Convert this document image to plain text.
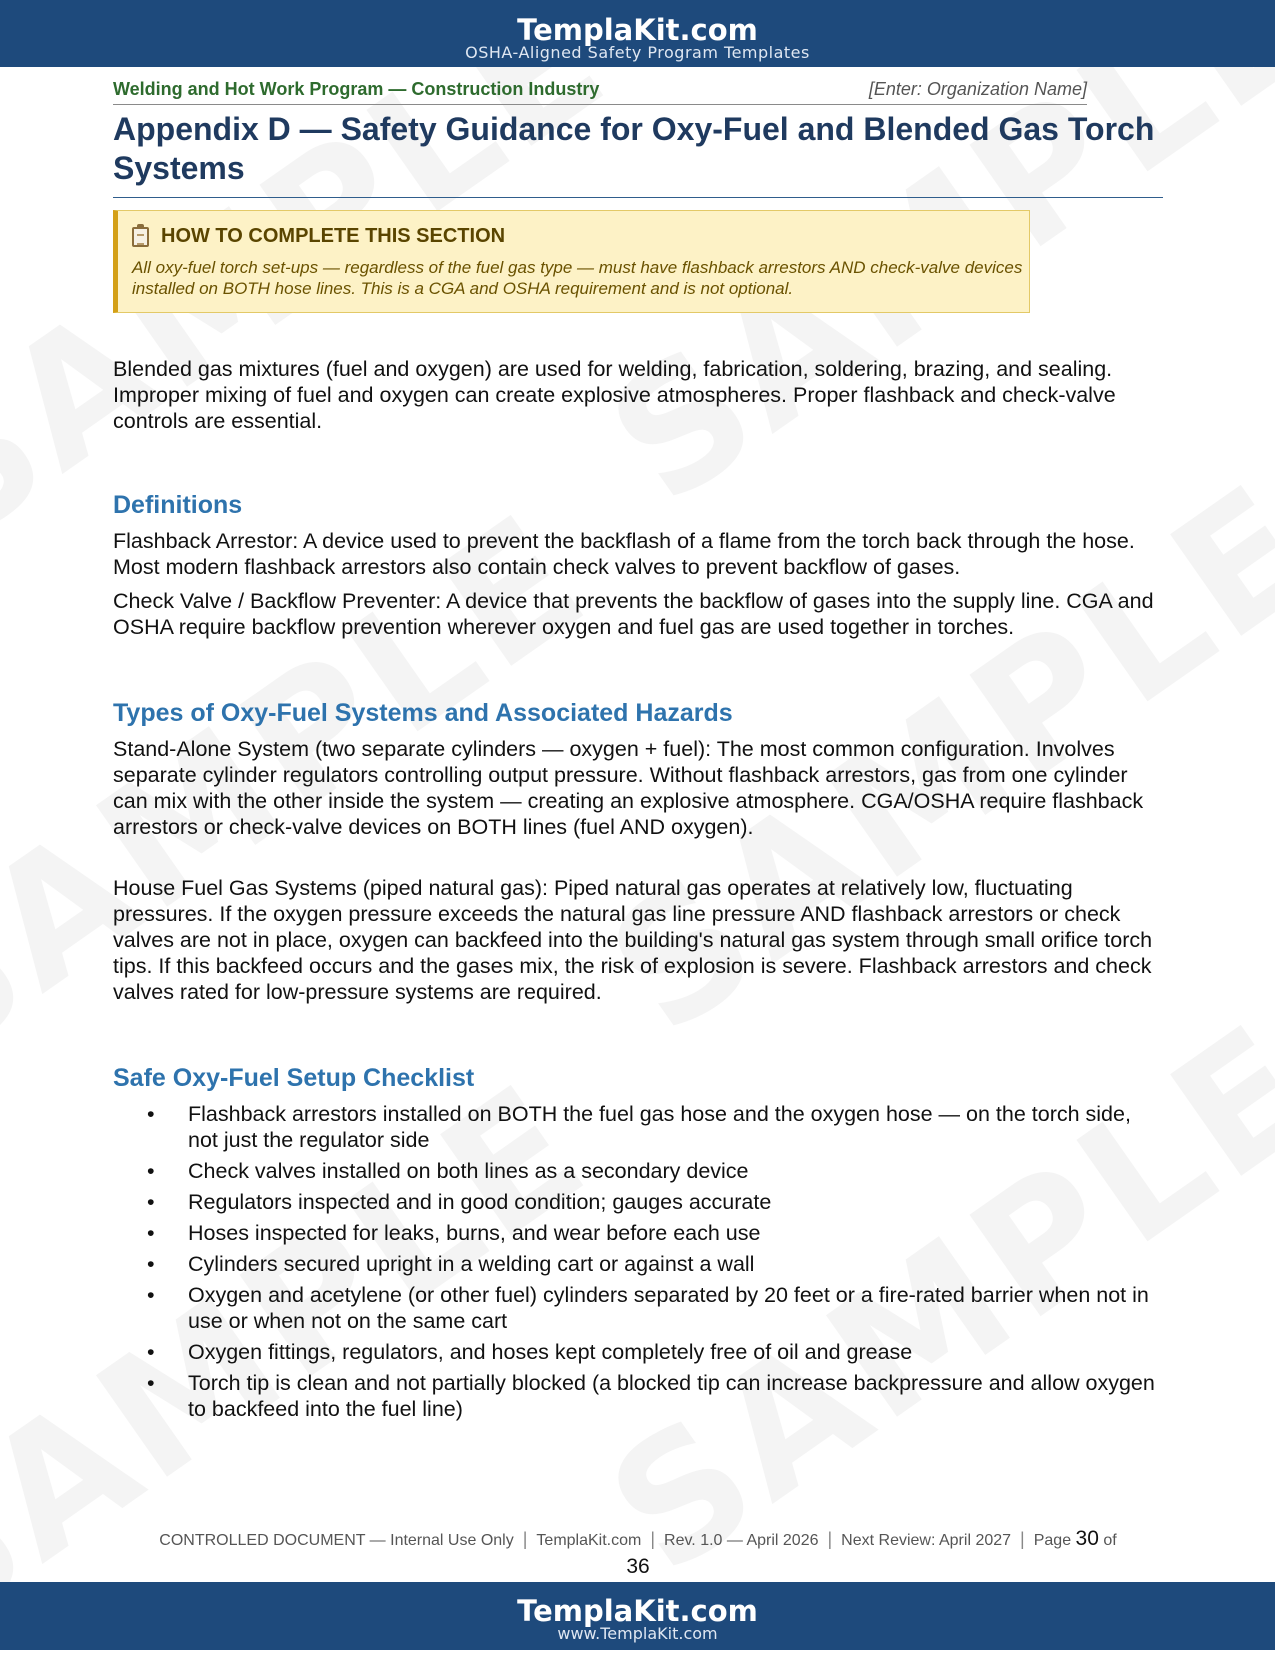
TemplaKit.com
OSHA-Aligned Safety Program Templates
Welding and Hot Work Program — Construction Industry	[Enter: Organization Name]
Appendix D — Safety Guidance for Oxy-Fuel and Blended Gas Torch Systems
HOW TO COMPLETE THIS SECTION
All oxy-fuel torch set-ups — regardless of the fuel gas type — must have flashback arrestors AND check-valve devices installed on BOTH hose lines. This is a CGA and OSHA requirement and is not optional.

Blended gas mixtures (fuel and oxygen) are used for welding, fabrication, soldering, brazing, and sealing. Improper mixing of fuel and oxygen can create explosive atmospheres. Proper flashback and check-valve controls are essential.

Definitions

Flashback Arrestor: A device used to prevent the backflash of a flame from the torch back through the hose. Most modern flashback arrestors also contain check valves to prevent backflow of gases.

Check Valve / Backflow Preventer: A device that prevents the backflow of gases into the supply line. CGA and OSHA require backflow prevention wherever oxygen and fuel gas are used together in torches.

Types of Oxy-Fuel Systems and Associated Hazards

Stand-Alone System (two separate cylinders — oxygen + fuel): The most common configuration. Involves separate cylinder regulators controlling output pressure. Without flashback arrestors, gas from one cylinder can mix with the other inside the system — creating an explosive atmosphere. CGA/OSHA require flashback arrestors or check-valve devices on BOTH lines (fuel AND oxygen).

House Fuel Gas Systems (piped natural gas): Piped natural gas operates at relatively low, fluctuating pressures. If the oxygen pressure exceeds the natural gas line pressure AND flashback arrestors or check valves are not in place, oxygen can backfeed into the building's natural gas system through small orifice torch tips. If this backfeed occurs and the gases mix, the risk of explosion is severe. Flashback arrestors and check valves rated for low-pressure systems are required.

Safe Oxy-Fuel Setup Checklist
• Flashback arrestors installed on BOTH the fuel gas hose and the oxygen hose — on the torch side, not just the regulator side
• Check valves installed on both lines as a secondary device
• Regulators inspected and in good condition; gauges accurate
• Hoses inspected for leaks, burns, and wear before each use
• Cylinders secured upright in a welding cart or against a wall
• Oxygen and acetylene (or other fuel) cylinders separated by 20 feet or a fire-rated barrier when not in use or when not on the same cart
• Oxygen fittings, regulators, and hoses kept completely free of oil and grease
• Torch tip is clean and not partially blocked (a blocked tip can increase backpressure and allow oxygen to backfeed into the fuel line)
CONTROLLED DOCUMENT — Internal Use Only | TemplaKit.com | Rev. 1.0 — April 2026 | Next Review: April 2027 | Page 30 of
36
TemplaKit.com
www.TemplaKit.com
